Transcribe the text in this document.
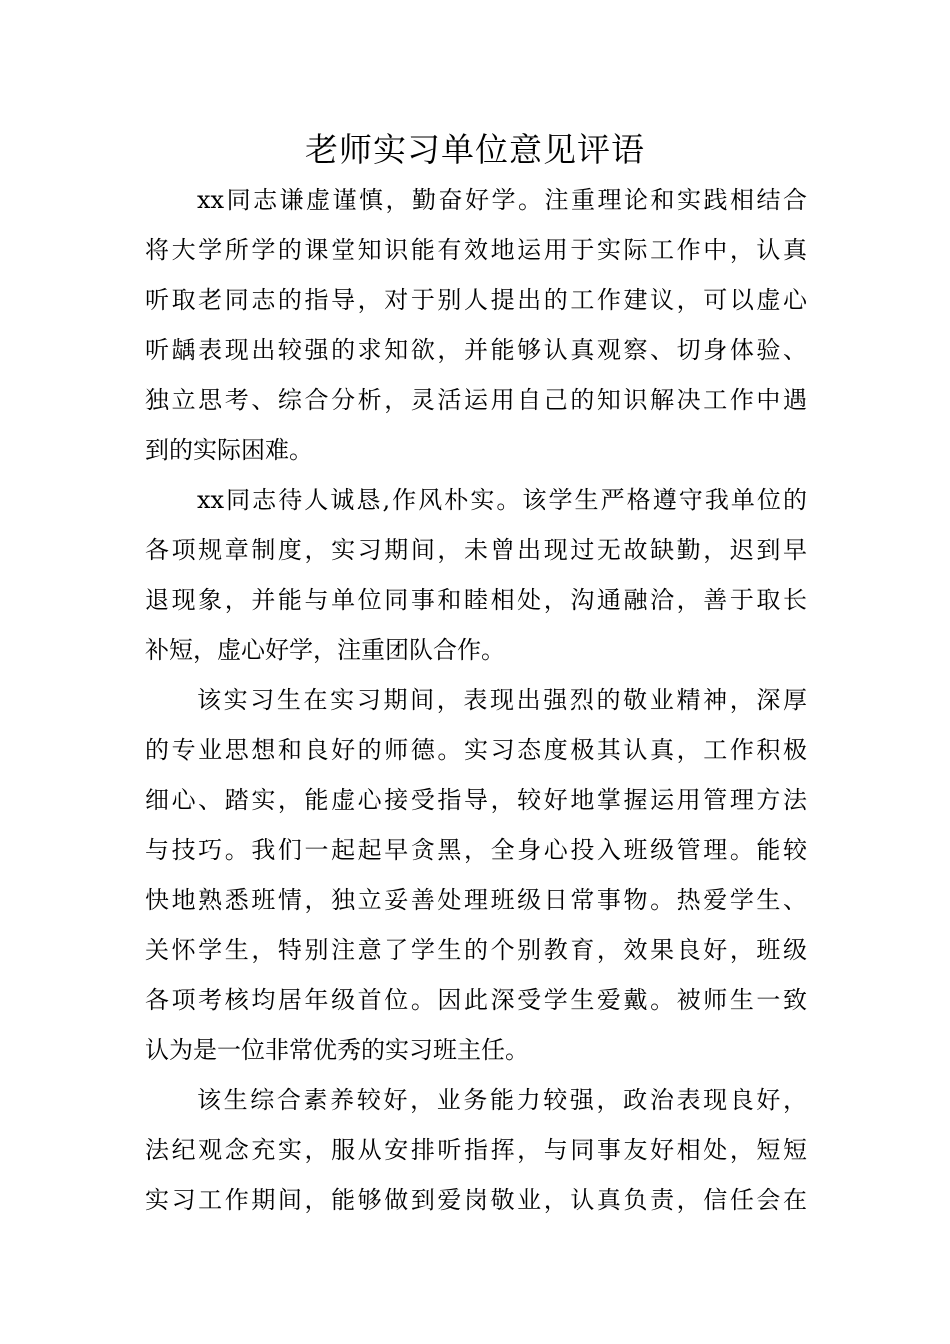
老师实习单位意见评语
xx同志谦虚谨慎，勤奋好学。注重理论和实践相结合
将大学所学的课堂知识能有效地运用于实际工作中，认真
听取老同志的指导，对于别人提出的工作建议，可以虚心
听龋表现出较强的求知欲，并能够认真观察、切身体验、
独立思考、综合分析，灵活运用自己的知识解决工作中遇
到的实际困难。
xx同志待人诚恳,作风朴实。该学生严格遵守我单位的
各项规章制度，实习期间，未曾出现过无故缺勤，迟到早
退现象，并能与单位同事和睦相处，沟通融洽，善于取长
补短，虚心好学，注重团队合作。
该实习生在实习期间，表现出强烈的敬业精神，深厚
的专业思想和良好的师德。实习态度极其认真，工作积极
细心、踏实，能虚心接受指导，较好地掌握运用管理方法
与技巧。我们一起起早贪黑，全身心投入班级管理。能较
快地熟悉班情，独立妥善处理班级日常事物。热爱学生、
关怀学生，特别注意了学生的个别教育，效果良好，班级
各项考核均居年级首位。因此深受学生爱戴。被师生一致
认为是一位非常优秀的实习班主任。
该生综合素养较好，业务能力较强，政治表现良好，
法纪观念充实，服从安排听指挥，与同事友好相处，短短
实习工作期间，能够做到爱岗敬业，认真负责，信任会在
